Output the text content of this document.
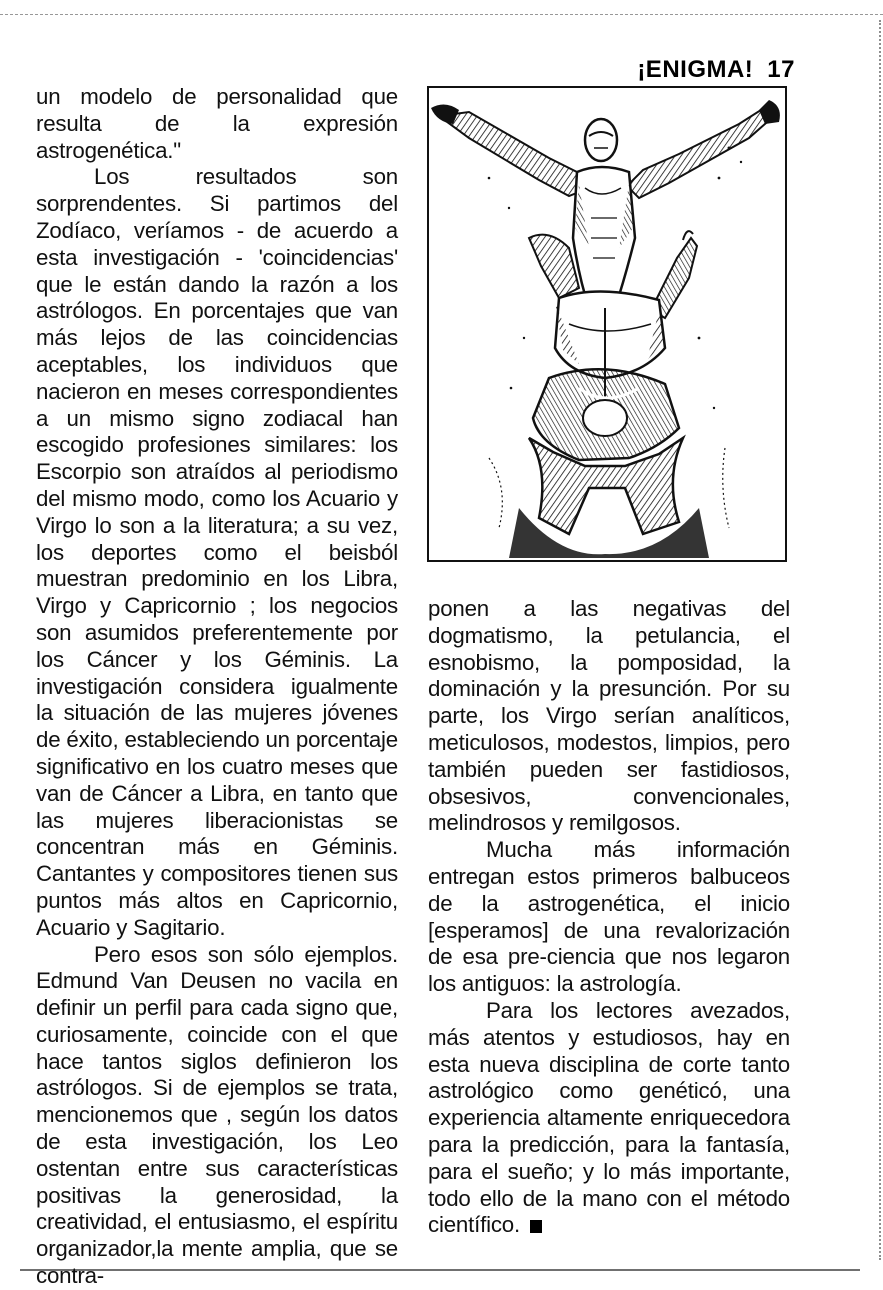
¡ENIGMA! 17

un modelo de personalidad que resulta de la expresión astrogenética."

Los resultados son sorprendentes. Si partimos del Zodíaco, veríamos - de acuerdo a esta investigación - 'coincidencias' que le están dando la razón a los astrólogos. En porcentajes que van más lejos de las coincidencias aceptables, los individuos que nacieron en meses correspondientes a un mismo signo zodiacal han escogido profesiones similares: los Escorpio son atraídos al periodismo del mismo modo, como los Acuario y Virgo lo son a la literatura; a su vez, los deportes como el beisból muestran predominio en los Libra, Virgo y Capricornio ; los negocios son asumidos preferentemente por los Cáncer y los Géminis. La investigación considera igualmente la situación de las mujeres jóvenes de éxito, estableciendo un porcentaje significativo en los cuatro meses que van de Cáncer a Libra, en tanto que las mujeres liberacionistas se concentran más en Géminis. Cantantes y compositores tienen sus puntos más altos en Capricornio, Acuario y Sagitario.

Pero esos son sólo ejemplos. Edmund Van Deusen no vacila en definir un perfil para cada signo que, curiosamente, coincide con el que hace tantos siglos definieron los astrólogos. Si de ejemplos se trata, mencionemos que , según los datos de esta investigación, los Leo ostentan entre sus características positivas la generosidad, la creatividad, el entusiasmo, el espíritu organizador,la mente amplia, que se contra-

ponen a las negativas del dogmatismo, la petulancia, el esnobismo, la pomposidad, la dominación y la presunción. Por su parte, los Virgo serían analíticos, meticulosos, modestos, limpios, pero también pueden ser fastidiosos, obsesivos, convencionales, melindrosos y remilgosos.

Mucha más información entregan estos primeros balbuceos de la astrogenética, el inicio [esperamos] de una revalorización de esa pre-ciencia que nos legaron los antiguos: la astrología.

Para los lectores avezados, más atentos y estudiosos, hay en esta nueva disciplina de corte tanto astrológico como genéticó, una experiencia altamente enriquecedora para la predicción, para la fantasía, para el sueño; y lo más importante, todo ello de la mano con el método científico.
